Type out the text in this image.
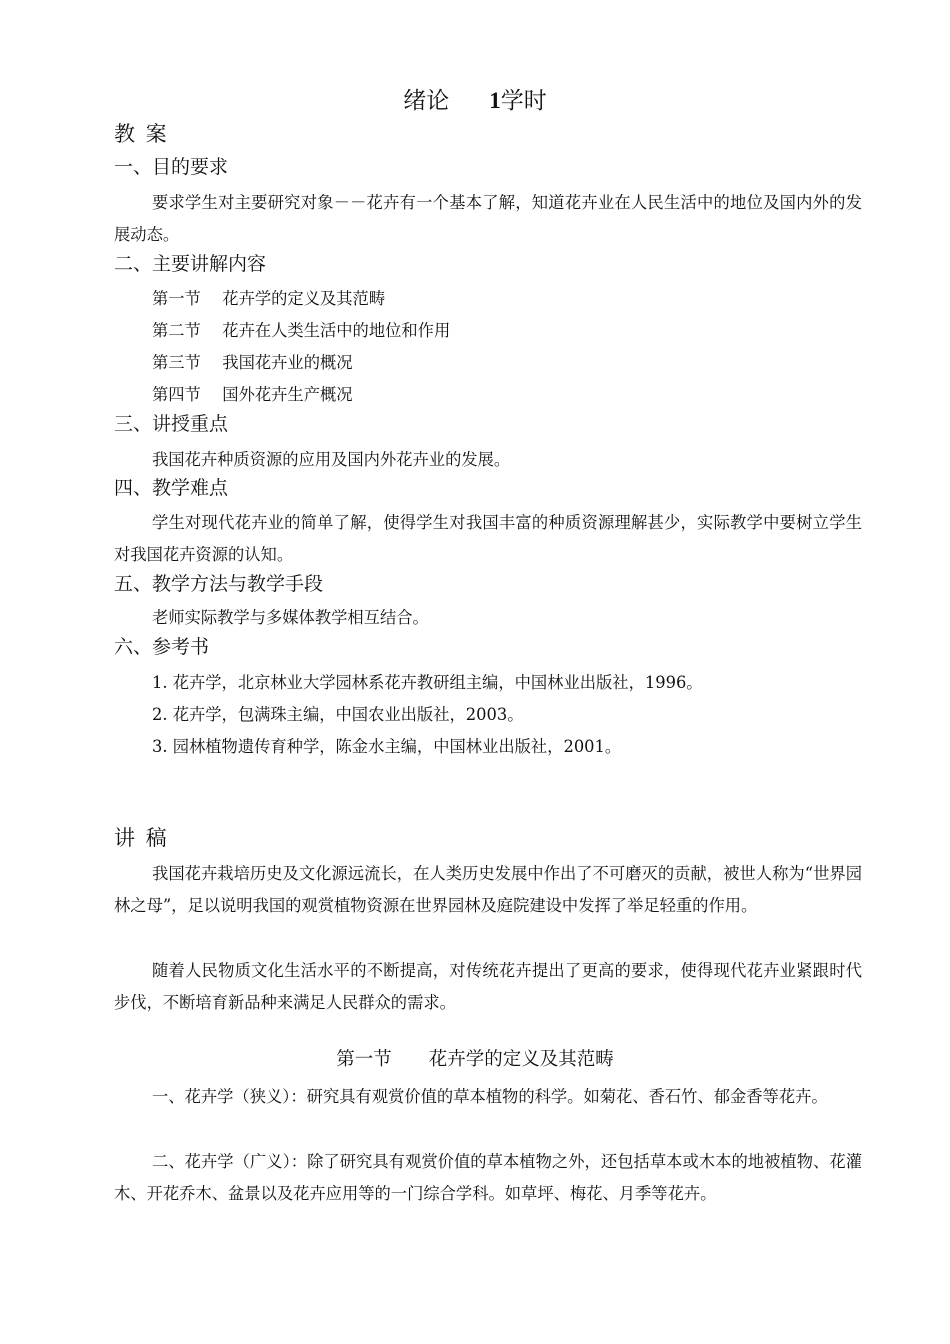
绪论 1学时
教 案
一、目的要求

要求学生对主要研究对象－－花卉有一个基本了解，知道花卉业在人民生活中的地位及国内外的发展动态。

二、主要讲解内容
第一节　 花卉学的定义及其范畴
第二节　 花卉在人类生活中的地位和作用
第三节　 我国花卉业的概况
第四节　 国外花卉生产概况
三、讲授重点

我国花卉种质资源的应用及国内外花卉业的发展。

四、教学难点

学生对现代花卉业的简单了解，使得学生对我国丰富的种质资源理解甚少，实际教学中要树立学生对我国花卉资源的认知。

五、教学方法与教学手段

老师实际教学与多媒体教学相互结合。

六、参考书
1. 花卉学，北京林业大学园林系花卉教研组主编，中国林业出版社，1996。
2. 花卉学，包满珠主编，中国农业出版社，2003。
3. 园林植物遗传育种学，陈金水主编，中国林业出版社，2001。
讲 稿

我国花卉栽培历史及文化源远流长，在人类历史发展中作出了不可磨灭的贡献，被世人称为“世界园林之母”，足以说明我国的观赏植物资源在世界园林及庭院建设中发挥了举足轻重的作用。

随着人民物质文化生活水平的不断提高，对传统花卉提出了更高的要求，使得现代花卉业紧跟时代步伐，不断培育新品种来满足人民群众的需求。

第一节　　花卉学的定义及其范畴

一、花卉学（狭义）：研究具有观赏价值的草本植物的科学。如菊花、香石竹、郁金香等花卉。

二、花卉学（广义）：除了研究具有观赏价值的草本植物之外，还包括草本或木本的地被植物、花灌木、开花乔木、盆景以及花卉应用等的一门综合学科。如草坪、梅花、月季等花卉。
